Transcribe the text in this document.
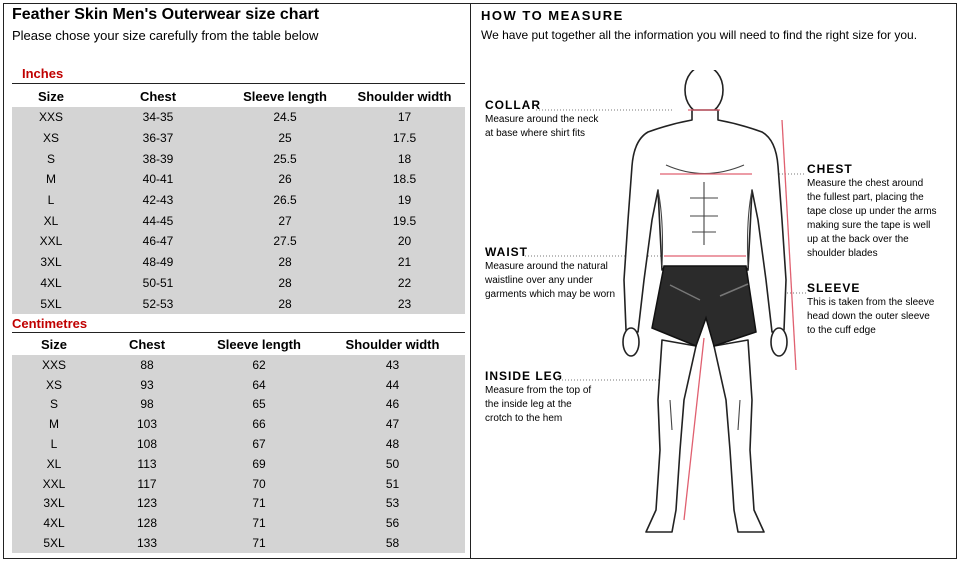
Feather Skin Men's Outerwear size chart
Please chose your size carefully from the table below
Inches
Size	Chest	Sleeve length	Shoulder width
XXS	34-35	24.5	17
XS	36-37	25	17.5
S	38-39	25.5	18
M	40-41	26	18.5
L	42-43	26.5	19
XL	44-45	27	19.5
XXL	46-47	27.5	20
3XL	48-49	28	21
4XL	50-51	28	22
5XL	52-53	28	23
Centimetres
Size	Chest	Sleeve length	Shoulder width
XXS	88	62	43
XS	93	64	44
S	98	65	46
M	103	66	47
L	108	67	48
XL	113	69	50
XXL	117	70	51
3XL	123	71	53
4XL	128	71	56
5XL	133	71	58
HOW TO MEASURE
We have put together all the information you will need to find the right size for you.
COLLAR
Measure around the neck
at base where shirt fits
CHEST
Measure the chest around
the fullest part, placing the
tape close up under the arms
making sure the tape is well
up at the back over the
shoulder blades
WAIST
Measure around the natural
waistline over any under
garments which may be worn	SLEEVE
This is taken from the sleeve
head down the outer sleeve
to the cuff edge
INSIDE LEG
Measure from the top of
the inside leg at the
crotch to the hem
